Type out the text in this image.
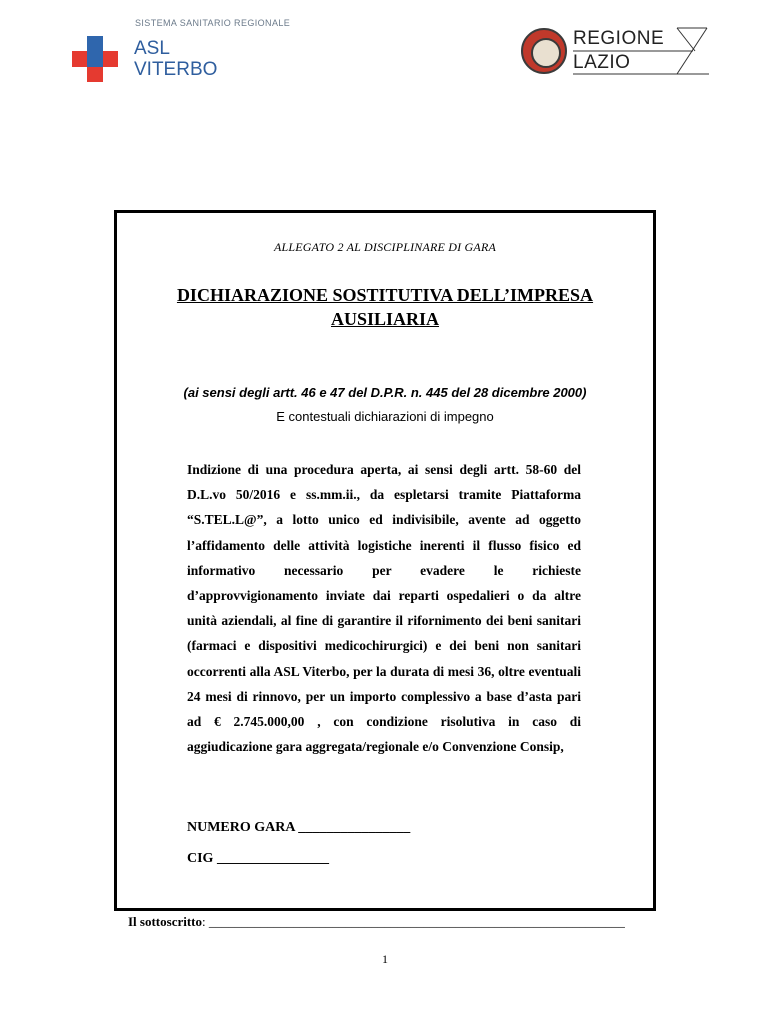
SISTEMA SANITARIO REGIONALE
ASL
VITERBO
REGIONE
LAZIO
ALLEGATO 2 AL DISCIPLINARE DI GARA
DICHIARAZIONE SOSTITUTIVA DELL’IMPRESA
AUSILIARIA
(ai sensi degli artt. 46 e 47 del D.P.R. n. 445 del 28 dicembre 2000)
E contestuali dichiarazioni di impegno
Indizione di una procedura aperta, ai sensi degli artt. 58-60 del D.L.vo 50/2016 e ss.mm.ii., da espletarsi tramite Piattaforma “S.TEL.L@”, a lotto unico ed indivisibile, avente ad oggetto l’affidamento delle attività logistiche inerenti il flusso fisico ed informativo necessario per evadere le richieste d’approvvigionamento inviate dai reparti ospedalieri o da altre unità aziendali, al fine di garantire il rifornimento dei beni sanitari (farmaci e dispositivi medicochirurgici) e dei beni non sanitari occorrenti alla ASL Viterbo, per la durata di mesi 36, oltre eventuali 24 mesi di rinnovo, per un importo complessivo a base d’asta pari ad € 2.745.000,00 , con condizione risolutiva in caso di aggiudicazione gara aggregata/regionale e/o Convenzione Consip,
NUMERO GARA ________________
CIG ________________
Il sottoscritto: ________________________________________________________________
1
